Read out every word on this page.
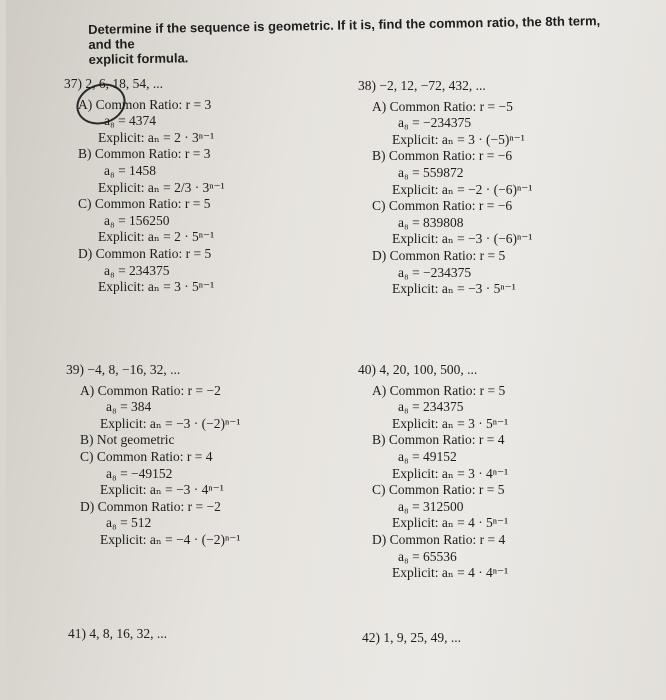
Determine if the sequence is geometric. If it is, find the common ratio, the 8th term, and the
explicit formula.
37) 2, 6, 18, 54, ...
A) Common Ratio: r = 3
a₈ = 4374
Explicit: aₙ = 2 · 3ⁿ⁻¹
B) Common Ratio: r = 3
a₈ = 1458
Explicit: aₙ = 2/3 · 3ⁿ⁻¹
C) Common Ratio: r = 5
a₈ = 156250
Explicit: aₙ = 2 · 5ⁿ⁻¹
D) Common Ratio: r = 5
a₈ = 234375
Explicit: aₙ = 3 · 5ⁿ⁻¹
38) −2, 12, −72, 432, ...
A) Common Ratio: r = −5
a₈ = −234375
Explicit: aₙ = 3 · (−5)ⁿ⁻¹
B) Common Ratio: r = −6
a₈ = 559872
Explicit: aₙ = −2 · (−6)ⁿ⁻¹
C) Common Ratio: r = −6
a₈ = 839808
Explicit: aₙ = −3 · (−6)ⁿ⁻¹
D) Common Ratio: r = 5
a₈ = −234375
Explicit: aₙ = −3 · 5ⁿ⁻¹
39) −4, 8, −16, 32, ...
A) Common Ratio: r = −2
a₈ = 384
Explicit: aₙ = −3 · (−2)ⁿ⁻¹
B) Not geometric
C) Common Ratio: r = 4
a₈ = −49152
Explicit: aₙ = −3 · 4ⁿ⁻¹
D) Common Ratio: r = −2
a₈ = 512
Explicit: aₙ = −4 · (−2)ⁿ⁻¹
40) 4, 20, 100, 500, ...
A) Common Ratio: r = 5
a₈ = 234375
Explicit: aₙ = 3 · 5ⁿ⁻¹
B) Common Ratio: r = 4
a₈ = 49152
Explicit: aₙ = 3 · 4ⁿ⁻¹
C) Common Ratio: r = 5
a₈ = 312500
Explicit: aₙ = 4 · 5ⁿ⁻¹
D) Common Ratio: r = 4
a₈ = 65536
Explicit: aₙ = 4 · 4ⁿ⁻¹
41) 4, 8, 16, 32, ...	42) 1, 9, 25, 49, ...
